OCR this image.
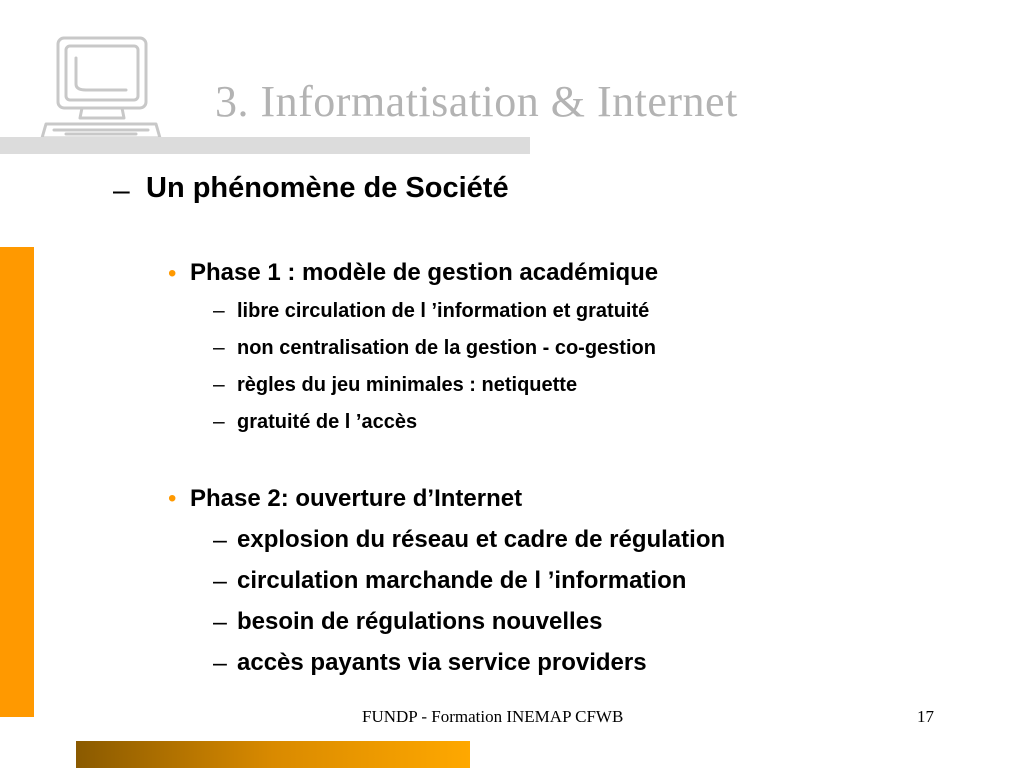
3. Informatisation & Internet
– Un phénomène de Société
• Phase 1 : modèle de gestion académique
– libre circulation de l ’information et gratuité
– non centralisation de la gestion - co-gestion
– règles du jeu minimales : netiquette
– gratuité de l ’accès
• Phase 2: ouverture d’Internet
– explosion du réseau et cadre de régulation
– circulation marchande de l ’information
– besoin de régulations nouvelles
– accès payants via service providers
FUNDP - Formation INEMAP CFWB	17
